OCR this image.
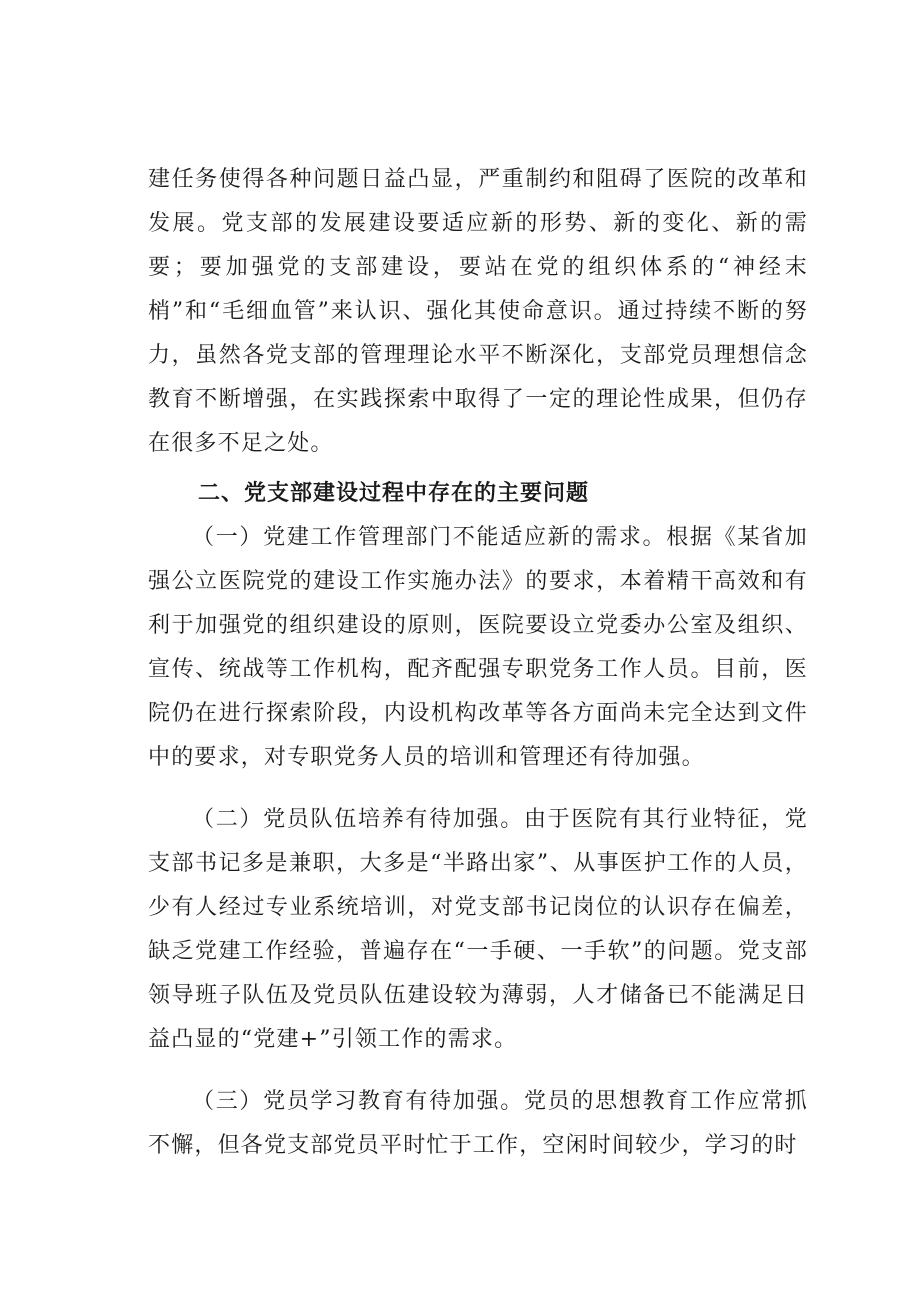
建任务使得各种问题日益凸显，严重制约和阻碍了医院的改革和发展。党支部的发展建设要适应新的形势、新的变化、新的需要；要加强党的支部建设，要站在党的组织体系的“神经末梢”和“毛细血管”来认识、强化其使命意识。通过持续不断的努力，虽然各党支部的管理理论水平不断深化，支部党员理想信念教育不断增强，在实践探索中取得了一定的理论性成果，但仍存在很多不足之处。

二、党支部建设过程中存在的主要问题

（一）党建工作管理部门不能适应新的需求。根据《某省加强公立医院党的建设工作实施办法》的要求，本着精干高效和有利于加强党的组织建设的原则，医院要设立党委办公室及组织、宣传、统战等工作机构，配齐配强专职党务工作人员。目前，医院仍在进行探索阶段，内设机构改革等各方面尚未完全达到文件中的要求，对专职党务人员的培训和管理还有待加强。

（二）党员队伍培养有待加强。由于医院有其行业特征，党支部书记多是兼职，大多是“半路出家”、从事医护工作的人员，少有人经过专业系统培训，对党支部书记岗位的认识存在偏差，缺乏党建工作经验，普遍存在“一手硬、一手软”的问题。党支部领导班子队伍及党员队伍建设较为薄弱，人才储备已不能满足日益凸显的“党建+”引领工作的需求。

（三）党员学习教育有待加强。党员的思想教育工作应常抓不懈，但各党支部党员平时忙于工作，空闲时间较少，学习的时
